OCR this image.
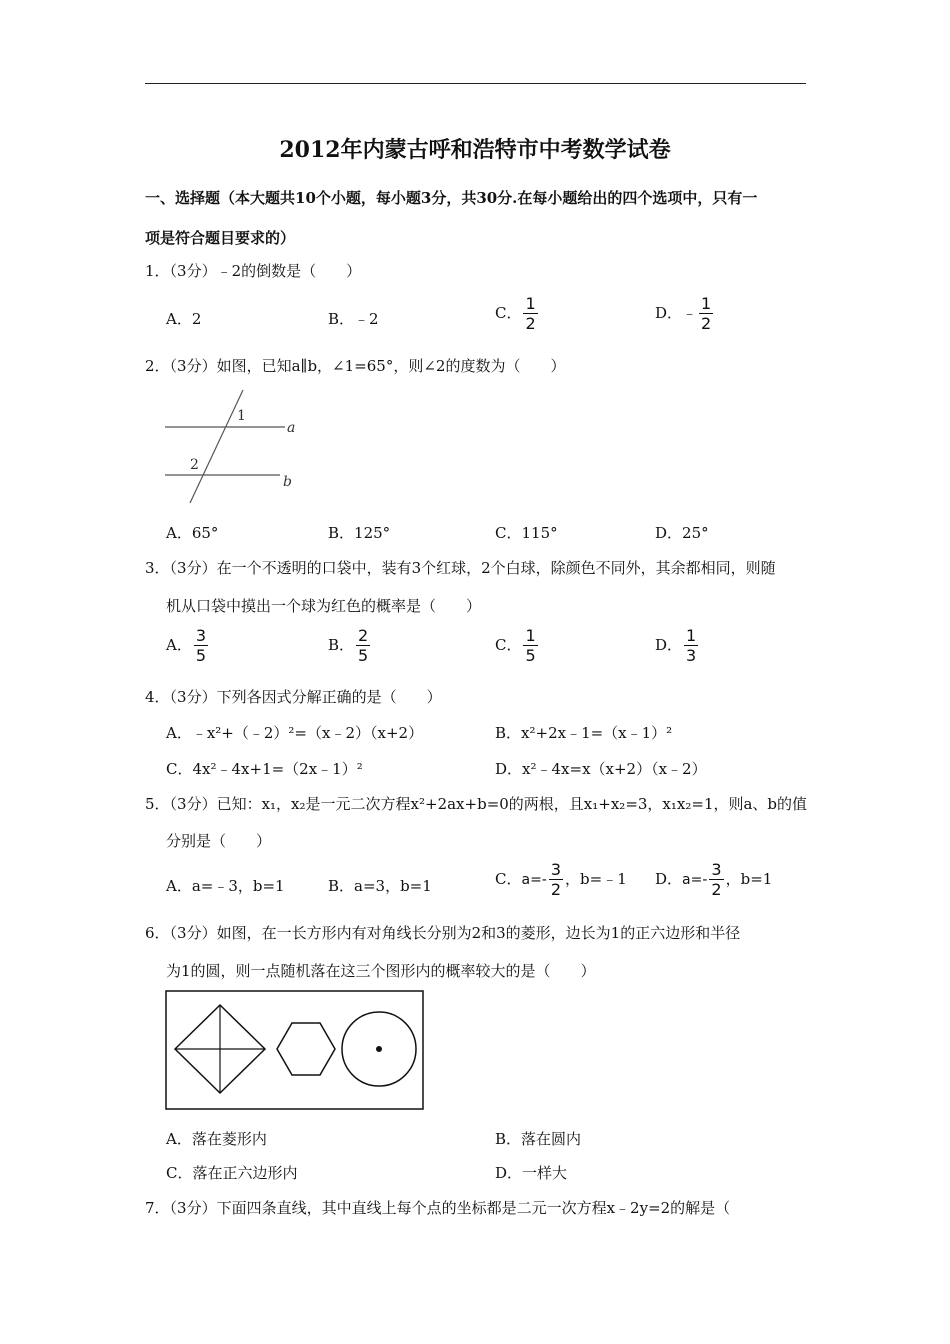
2012年内蒙古呼和浩特市中考数学试卷
一、选择题（本大题共10个小题，每小题3分，共30分.在每小题给出的四个选项中，只有一
项是符合题目要求的）
1．（3分）﹣2的倒数是（　　）
A．2	B．﹣2	C． $\frac{1}{2}$	D．﹣ $\frac{1}{2}$
2．（3分）如图，已知a∥b，∠1=65°，则∠2的度数为（　　）
1
2
a
b
A．65°	B．125°	C．115°	D．25°
3．（3分）在一个不透明的口袋中，装有3个红球，2个白球，除颜色不同外，其余都相同，则随
机从口袋中摸出一个球为红色的概率是（　　）
A． $\frac{3}{5}$	B． $\frac{2}{5}$	C． $\frac{1}{5}$	D． $\frac{1}{3}$
4．（3分）下列各因式分解正确的是（　　）
A．﹣x²+（﹣2）²=（x﹣2）（x+2）	B．x²+2x﹣1=（x﹣1）²
C．4x²﹣4x+1=（2x﹣1）²	D．x²﹣4x=x（x+2）（x﹣2）
5．（3分）已知：x₁，x₂是一元二次方程x²+2ax+b=0的两根，且x₁+x₂=3，x₁x₂=1，则a、b的值
分别是（　　）
A．a=﹣3，b=1	B．a=3，b=1	C．$a=- \frac{3}{2}$ ，b=﹣1 D．$a=- \frac{3}{2}$ ，b=1
6．（3分）如图，在一长方形内有对角线长分别为2和3的菱形，边长为1的正六边形和半径
为1的圆，则一点随机落在这三个图形内的概率较大的是（　　）
A．落在菱形内	B．落在圆内
C．落在正六边形内	D．一样大
7．（3分）下面四条直线，其中直线上每个点的坐标都是二元一次方程x﹣2y=2的解是（
